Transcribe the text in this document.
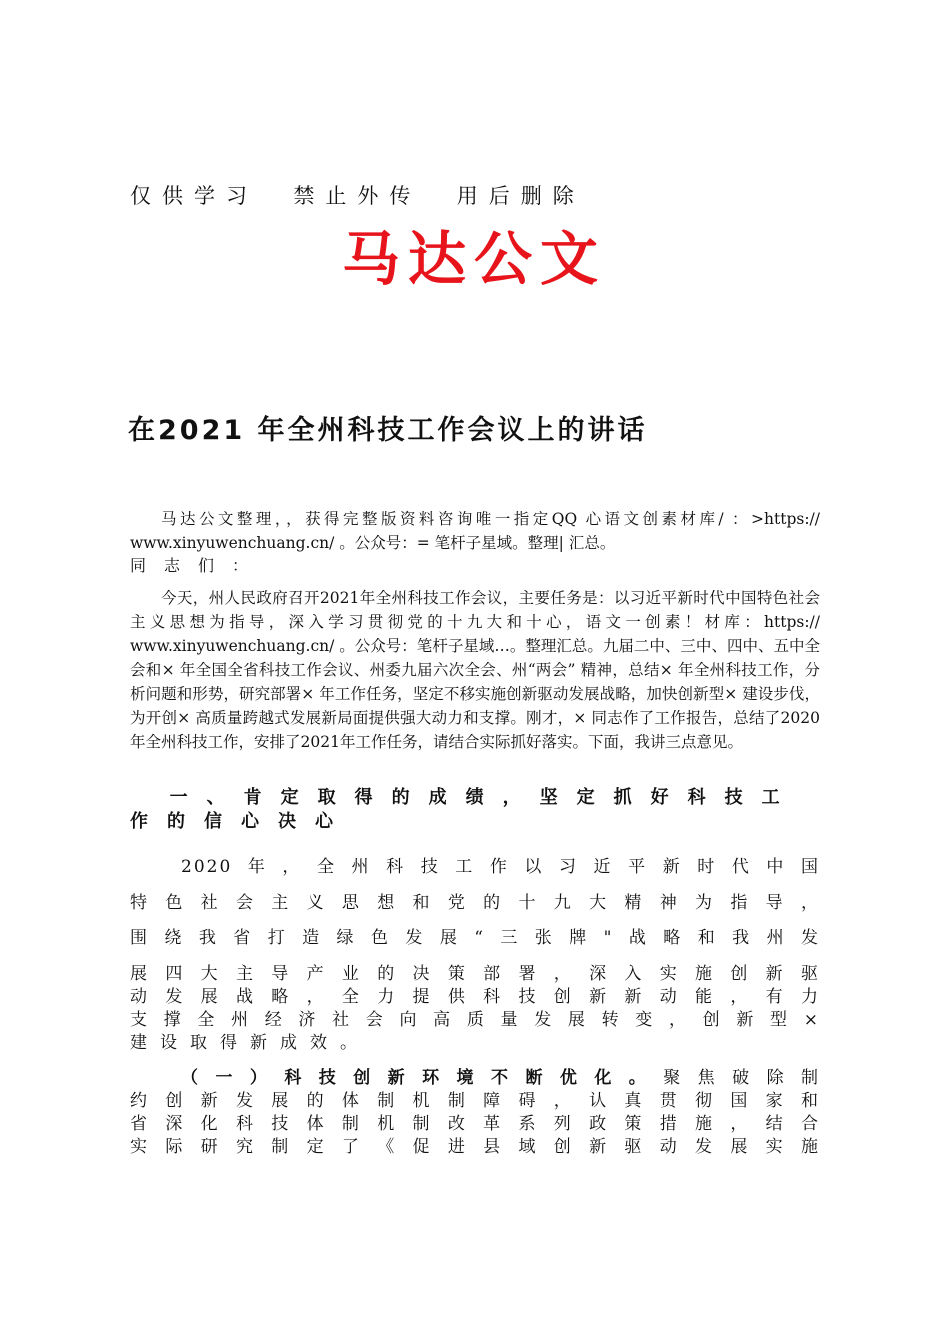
仅供学习  禁止外传  用后删除
马达公文
在2021 年全州科技工作会议上的讲话
马达公文整理，，获得完整版资料咨询唯一指定QQ 心语文创素材库/ ：>https:// www.xinyuwenchuang.cn/ 。公众号：= 笔杆子星域。整理| 汇总。
同志们：
今天，州人民政府召开2021年全州科技工作会议，主要任务是：以习近平新时代中国特色社会主义思想为指导，深入学习贯彻党的十九大和十心，语文一创素！材库：https:// www.xinyuwenchuang.cn/ 。公众号：笔杆子星域…。整理汇总。九届二中、三中、四中、五中全会和× 年全国全省科技工作会议、州委九届六次全会、州“两会” 精神，总结× 年全州科技工作，分析问题和形势，研究部署× 年工作任务，坚定不移实施创新驱动发展战略，加快创新型× 建设步伐，为开创× 高质量跨越式发展新局面提供强大动力和支撑。刚才，× 同志作了工作报告，总结了2020年全州科技工作，安排了2021年工作任务，请结合实际抓好落实。下面，我讲三点意见。
一、肯定取得的成绩，坚定抓好科技工作的信心决心
2020年，全州科技工作以习近平新时代中国
特色社会主义思想和党的十九大精神为指导，
围绕我省打造绿色发展“三张牌"战略和我州发
展四大主导产业的决策部署，深入实施创新驱
动发展战略，全力提供科技创新新动能，有力
支撑全州经济社会向高质量发展转变，创新型×
建设取得新成效。
（一）科技创新环境不断优化。聚焦破除制
约创新发展的体制机制障碍，认真贯彻国家和
省深化科技体制机制改革系列政策措施，结合
实际研究制定了《促进县域创新驱动发展实施
